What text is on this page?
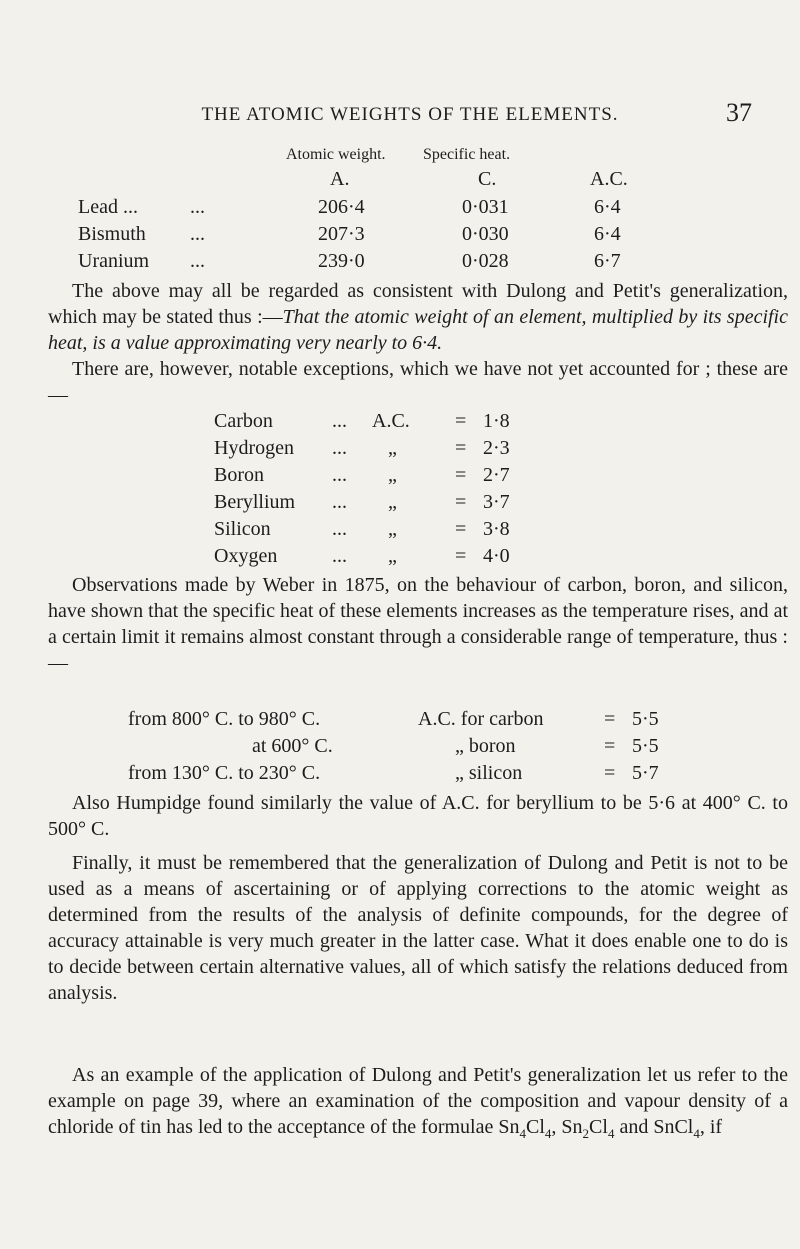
THE ATOMIC WEIGHTS OF THE ELEMENTS.	37
Atomic weight. Specific heat.
A.	C.	A.C.
Lead ...	...	206·4	0·031	6·4
Bismuth ...	207·3	0·030	6·4
Uranium ...	239·0	0·028	6·7
The above may all be regarded as consistent with Dulong and Petit's generalization, which may be stated thus :—That the atomic weight of an element, multiplied by its specific heat, is a value approximating very nearly to 6·4.
There are, however, notable exceptions, which we have not yet accounted for ; these are—
Carbon	... A.C. = 1·8
Hydrogen ... „	= 2·3
Boron	... „	= 2·7
Beryllium ... „	= 3·7
Silicon	... „	= 3·8
Oxygen	... „	= 4·0
Observations made by Weber in 1875, on the behaviour of carbon, boron, and silicon, have shown that the specific heat of these elements increases as the temperature rises, and at a certain limit it remains almost constant through a considerable range of temperature, thus :—
from 800° C. to 980° C.	A.C. for carbon	= 5·5
at 600° C.	„ boron	= 5·5
from 130° C. to 230° C.	„ silicon	= 5·7
Also Humpidge found similarly the value of A.C. for beryllium to be 5·6 at 400° C. to 500° C.
Finally, it must be remembered that the generalization of Dulong and Petit is not to be used as a means of ascertaining or of applying corrections to the atomic weight as determined from the results of the analysis of definite compounds, for the degree of accuracy attainable is very much greater in the latter case. What it does enable one to do is to decide between certain alternative values, all of which satisfy the relations deduced from analysis.
As an example of the application of Dulong and Petit's generalization let us refer to the example on page 39, where an examination of the composition and vapour density of a chloride of tin has led to the acceptance of the formulae $Sn_4Cl_4$, $Sn_2Cl_4$ and SnCl$_4$, if
